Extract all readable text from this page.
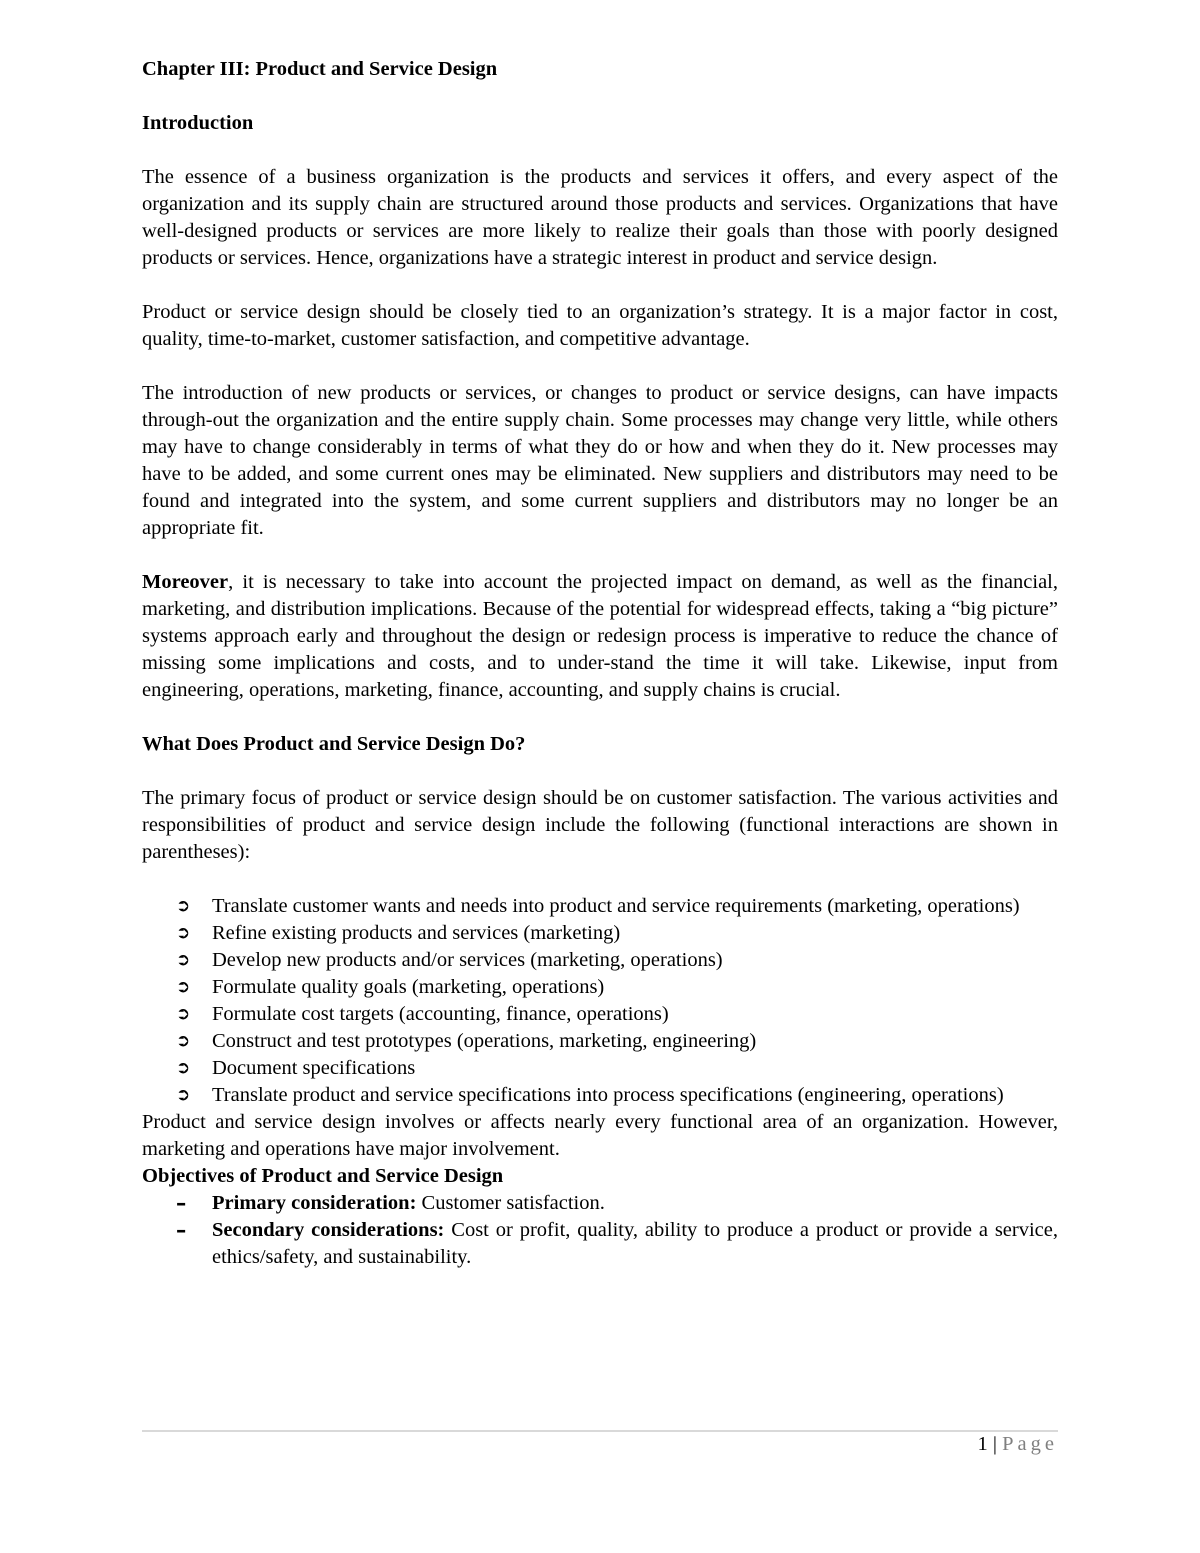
Chapter III: Product and Service Design

Introduction

The essence of a business organization is the products and services it offers, and every aspect of the organization and its supply chain are structured around those products and services. Organizations that have well-designed products or services are more likely to realize their goals than those with poorly designed products or services. Hence, organizations have a strategic interest in product and service design.

Product or service design should be closely tied to an organization’s strategy. It is a major factor in cost, quality, time-to-market, customer satisfaction, and competitive advantage.

The introduction of new products or services, or changes to product or service designs, can have impacts through-out the organization and the entire supply chain. Some processes may change very little, while others may have to change considerably in terms of what they do or how and when they do it. New processes may have to be added, and some current ones may be eliminated. New suppliers and distributors may need to be found and integrated into the system, and some current suppliers and distributors may no longer be an appropriate fit.

Moreover, it is necessary to take into account the projected impact on demand, as well as the financial, marketing, and distribution implications. Because of the potential for widespread effects, taking a “big picture” systems approach early and throughout the design or redesign process is imperative to reduce the chance of missing some implications and costs, and to under-stand the time it will take. Likewise, input from engineering, operations, marketing, finance, accounting, and supply chains is crucial.

What Does Product and Service Design Do?

The primary focus of product or service design should be on customer satisfaction. The various activities and responsibilities of product and service design include the following (functional interactions are shown in parentheses):

➲	Translate customer wants and needs into product and service requirements (marketing, operations)
➲	Refine existing products and services (marketing)
➲	Develop new products and/or services (marketing, operations)
➲	Formulate quality goals (marketing, operations)
➲	Formulate cost targets (accounting, finance, operations)
➲	Construct and test prototypes (operations, marketing, engineering)
➲	Document specifications
➲	Translate product and service specifications into process specifications (engineering, operations)

Product and service design involves or affects nearly every functional area of an organization. However, marketing and operations have major involvement.

Objectives of Product and Service Design

– Primary consideration: Customer satisfaction.
– Secondary considerations: Cost or profit, quality, ability to produce a product or provide a service, ethics/safety, and sustainability.
1 | Page
